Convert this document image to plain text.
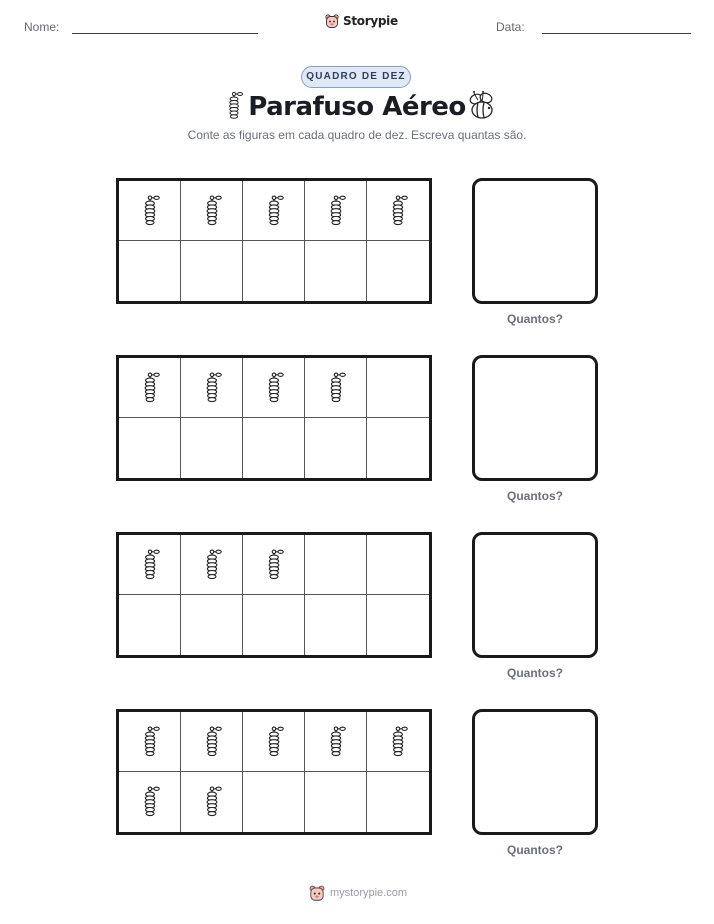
Nome:	Storypie	Data:
QUADRO DE DEZ
Parafuso Aéreo
Conte as figuras em cada quadro de dez. Escreva quantas são.
Quantos?
Quantos?
Quantos?
Quantos?
mystorypie.com
